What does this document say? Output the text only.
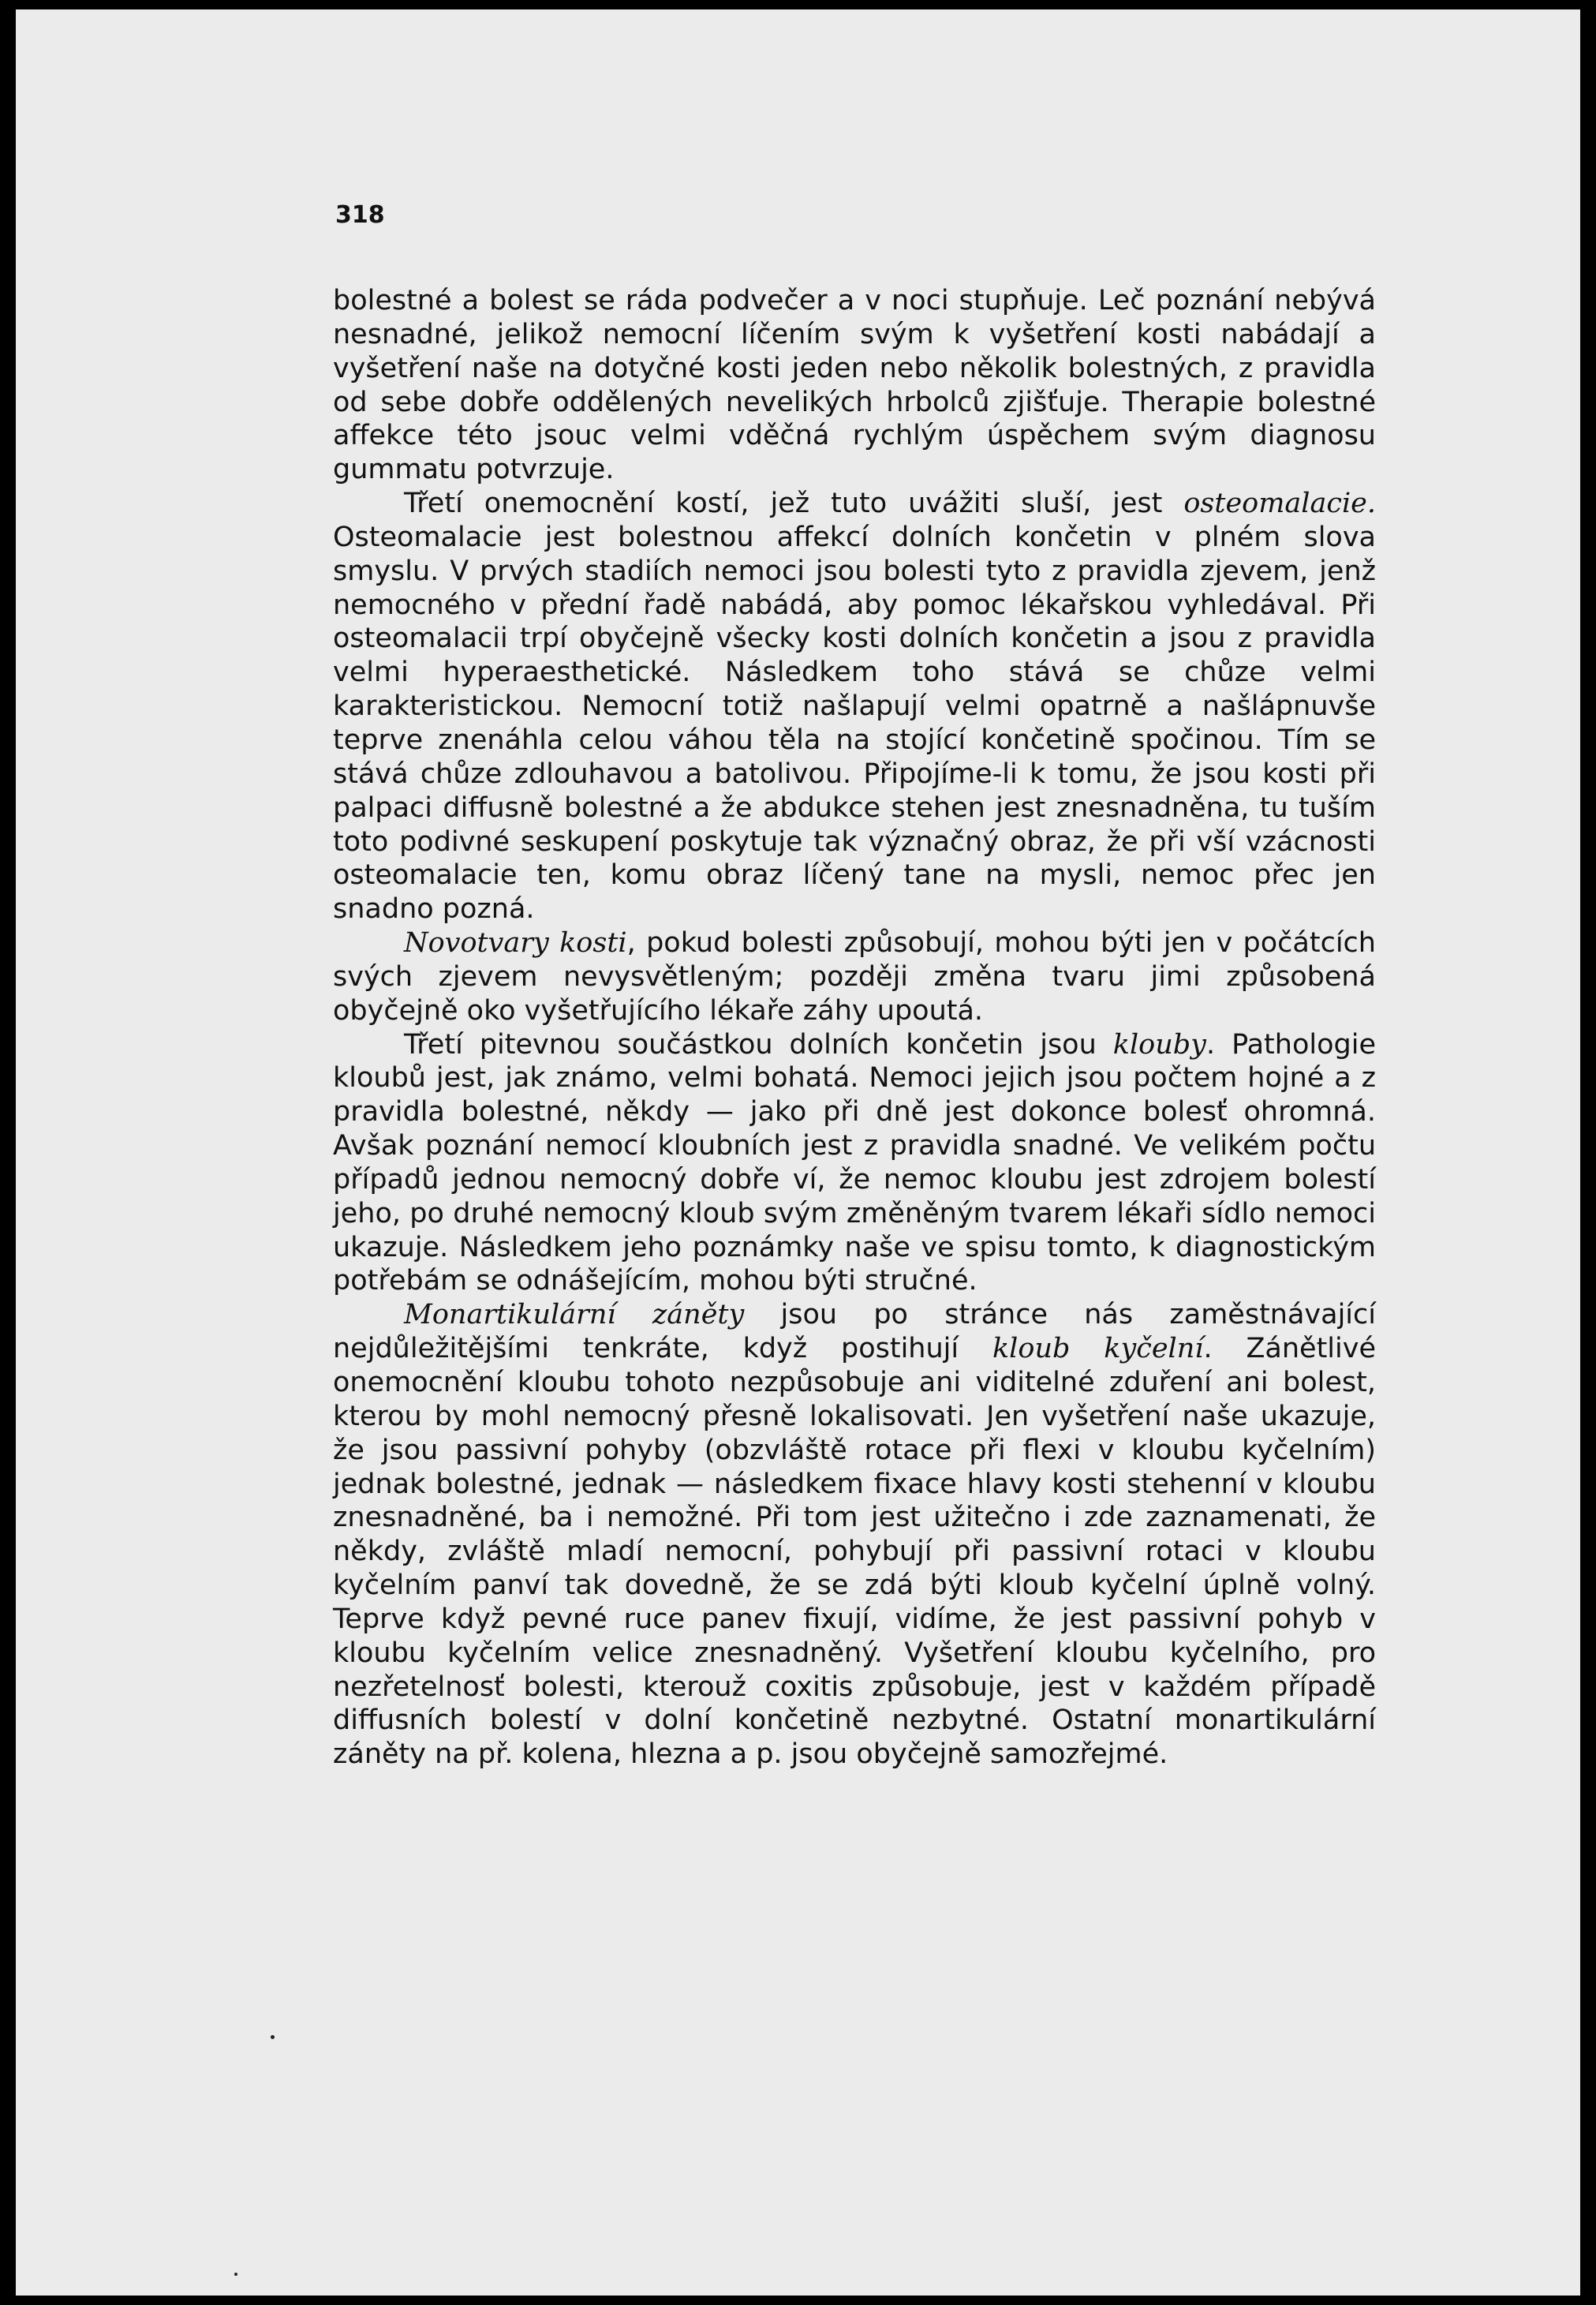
318

bolestné a bolest se ráda podvečer a v noci stupňuje. Leč poznání nebývá nesnadné, jelikož nemocní líčením svým k vyšetření kosti nabádají a vyšetření naše na dotyčné kosti jeden nebo několik bolestných, z pravidla od sebe dobře oddělených nevelikých hrbolců zjišťuje. Therapie bolestné affekce této jsouc velmi vděčná rychlým úspěchem svým diagnosu gummatu potvrzuje.

Třetí onemocnění kostí, jež tuto uvážiti sluší, jest osteomalacie. Osteomalacie jest bolestnou affekcí dolních končetin v plném slova smyslu. V prvých stadiích nemoci jsou bolesti tyto z pravidla zjevem, jenž nemocného v přední řadě nabádá, aby pomoc lékařskou vyhledával. Při osteomalacii trpí obyčejně všecky kosti dolních končetin a jsou z pravidla velmi hyperaesthetické. Následkem toho stává se chůze velmi karakteristickou. Nemocní totiž našlapují velmi opatrně a našlápnuvše teprve znenáhla celou váhou těla na stojící končetině spočinou. Tím se stává chůze zdlouhavou a batolivou. Připojíme-li k tomu, že jsou kosti při palpaci diffusně bolestné a že abdukce stehen jest znesnadněna, tu tuším toto podivné seskupení poskytuje tak význačný obraz, že při vší vzácnosti osteomalacie ten, komu obraz líčený tane na mysli, nemoc přec jen snadno pozná.

Novotvary kosti, pokud bolesti způsobují, mohou býti jen v počátcích svých zjevem nevysvětleným; později změna tvaru jimi způsobená obyčejně oko vyšetřujícího lékaře záhy upoutá.

Třetí pitevnou součástkou dolních končetin jsou klouby. Pathologie kloubů jest, jak známo, velmi bohatá. Nemoci jejich jsou počtem hojné a z pravidla bolestné, někdy — jako při dně jest dokonce bolesť ohromná. Avšak poznání nemocí kloubních jest z pravidla snadné. Ve velikém počtu případů jednou nemocný dobře ví, že nemoc kloubu jest zdrojem bolestí jeho, po druhé nemocný kloub svým změněným tvarem lékaři sídlo nemoci ukazuje. Následkem jeho poznámky naše ve spisu tomto, k diagnostickým potřebám se odnášejícím, mohou býti stručné.

Monartikulární záněty jsou po stránce nás zaměstnávající nejdůležitějšími tenkráte, když postihují kloub kyčelní. Zánětlivé onemocnění kloubu tohoto nezpůsobuje ani viditelné zduření ani bolest, kterou by mohl nemocný přesně lokalisovati. Jen vyšetření naše ukazuje, že jsou passivní pohyby (obzvláště rotace při flexi v kloubu kyčelním) jednak bolestné, jednak — následkem fixace hlavy kosti stehenní v kloubu znesnadněné, ba i nemožné. Při tom jest užitečno i zde zaznamenati, že někdy, zvláště mladí nemocní, pohybují při passivní rotaci v kloubu kyčelním panví tak dovedně, že se zdá býti kloub kyčelní úplně volný. Teprve když pevné ruce panev fixují, vidíme, že jest passivní pohyb v kloubu kyčelním velice znesnadněný. Vyšetření kloubu kyčelního, pro nezřetelnosť bolesti, kterouž coxitis způsobuje, jest v každém případě diffusních bolestí v dolní končetině nezbytné. Ostatní monartikulární záněty na př. kolena, hlezna a p. jsou obyčejně samozřejmé.
